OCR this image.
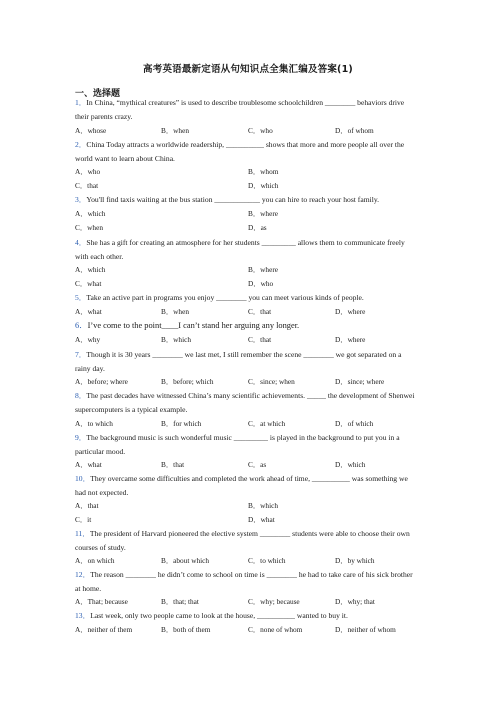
高考英语最新定语从句知识点全集汇编及答案(1)
一、选择题
1．In China, “mythical creatures” is used to describe troublesome schoolchildren ________ behaviors drive their parents crazy.
A．whose	B．when	C．who	D．of whom
2．China Today attracts a worldwide readership, __________ shows that more and more people all over the world want to learn about China.
A．who	B．whom
C．that	D．which
3．You'll find taxis waiting at the bus station ____________ you can hire to reach your host family.
A．which	B．where
C．when	D．as
4．She has a gift for creating an atmosphere for her students _________ allows them to communicate freely with each other.
A．which	B．where
C．what	D．who
5．Take an active part in programs you enjoy ________ you can meet various kinds of people.
A．what	B．when	C．that	D．where
6．I’ve come to the point____I can’t stand her arguing any longer.
A．why	B．which	C．that	D．where
7．Though it is 30 years ________ we last met, I still remember the scene ________ we got separated on a rainy day.
A．before; where	B．before; which	C．since; when	D．since; where
8．The past decades have witnessed China’s many scientific achievements. _____ the development of Shenwei supercomputers is a typical example.
A．to which	B．for which	C．at which	D．of which
9．The background music is such wonderful music _________ is played in the background to put you in a particular mood.
A．what	B．that	C．as	D．which
10．They overcame some difficulties and completed the work ahead of time, __________ was something we had not expected.
A．that	B．which
C．it	D．what
11．The president of Harvard pioneered the elective system ________ students were able to choose their own courses of study.
A．on which	B．about which	C．to which	D．by which
12．The reason ________ he didn’t come to school on time is ________ he had to take care of his sick brother at home.
A．That; because	B．that; that	C．why; because	D．why; that
13．Last week, only two people came to look at the house, __________ wanted to buy it.
A．neither of them	B．both of them	C．none of whom	D．neither of whom
